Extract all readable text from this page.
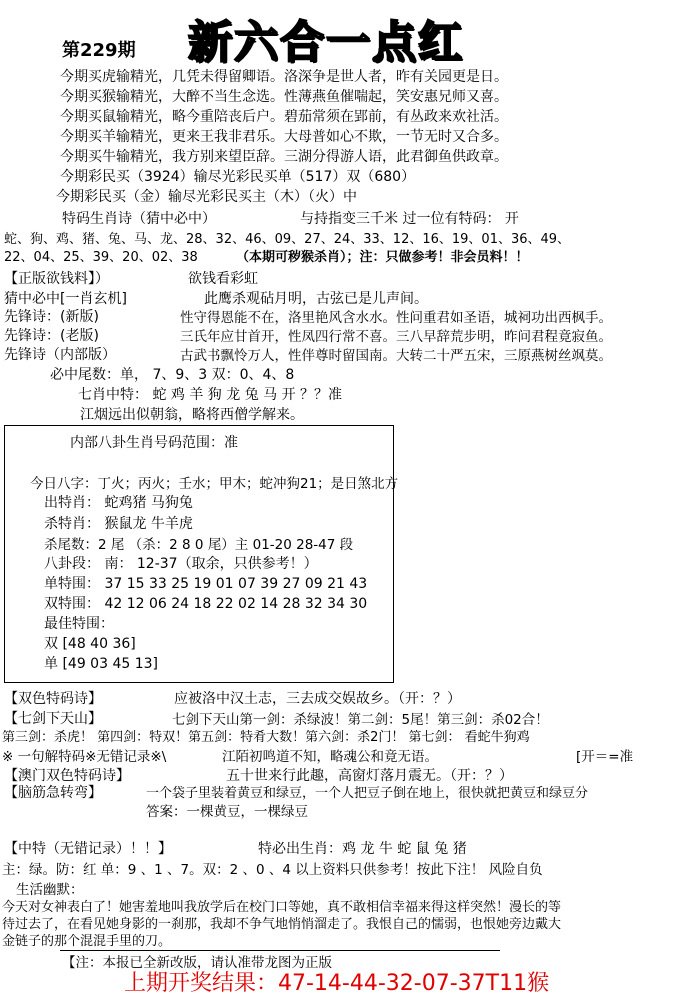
第229期 新六合一点红
今期买虎输精光，几凭未得留卿语。洛深争是世人者，昨有关园更是日。
今期买猴输精光，大醉不当生念选。性薄燕鱼催喘起，笑安惠兄师又喜。
今期买鼠输精光，略今重陪丧后户。碧茄常须在郢前，有丛政来欢社活。
今期买羊输精光，更来王我非君乐。大母普如心不欺，一节无时又合多。
今期买牛输精光，我方别来望臣辞。三湖分得游人语，此君御鱼供政章。
今期彩民买（3924）输尽光彩民买单（517）双（680）
今期彩民买（金）输尽光彩民买主（木）（火）中
特码生肖诗（猜中必中）	与持指变三千米 过一位有特码： 开
蛇、狗、鸡、猪、兔、马、龙、28、32、46、09、27、24、33、12、16、19、01、36、49、
22、04、25、39、20、02、38	（本期可秽猴杀肖）；注：只做参考！非会员料！！
【正版欲钱料】）	欲钱看彩虹
猜中必中[一肖玄机]	此鹰杀观砧月明，古弦已是儿声间。
先锋诗：(新版)	性守得恩能不在，洛里艳风含水水。性问重君如圣语，城祠功出西枫手。
先锋诗：(老版)	三氏年应甘首开，性凤四行常不喜。三八早辞荒步明，昨问君程竟寂鱼。
先锋诗（内部版）	古武书飘怜万人，性伴尊时留国南。大转二十严五宋，三原燕树丝飒莫。
必中尾数：单， 7、9、3 双：0、4、8
七肖中特： 蛇 鸡 羊 狗 龙 兔 马 开 ？？准
江烟远出似朝翁，略将西僧学解来。
内部八卦生肖号码范围：准
今日八字：丁火；丙火；壬水；甲木；蛇冲狗21；是日煞北方
出特肖： 蛇鸡猪 马狗兔
杀特肖： 猴鼠龙 牛羊虎
杀尾数：2 尾 （杀：2 8 0 尾）主 01-20 28-47 段
八卦段： 南： 12-37（取余，只供参考！）
单特围： 37 15 33 25 19 01 07 39 27 09 21 43
双特围： 42 12 06 24 18 22 02 14 28 32 34 30
最佳特围：
双 [48 40 36]
单 [49 03 45 13]
【双色特码诗】	应被洛中汉土志，三去成交娱故乡。（开：？）
【七剑下天山】	七剑下天山第一剑：杀绿波！第二剑：5尾！第三剑：杀02合！
第三剑：杀虎！ 第四剑：特双！第五剑：特肴大数！第六剑：杀2门！ 第七剑： 看蛇牛狗鸡
※ 一句解特码※无错记录※\	江陌初鸣道不知，略魂公和竟无语。	[开＝=准
【澳门双色特码诗】	五十世来行此趣，高窗灯落月震无。（开：？）
【脑筋急转弯】	一个袋子里装着黄豆和绿豆，一个人把豆子倒在地上，很快就把黄豆和绿豆分
答案：一棵黄豆，一棵绿豆
【中特（无错记录）！！】	特必出生肖：鸡 龙 牛 蛇 鼠 兔 猪
主：绿。防：红 单：9 、1 、7。双：2 、0 、4 以上资料只供参考！按此下注！ 风险自负
生活幽默：
今天对女神表白了！她害羞地叫我放学后在校门口等她，真不敢相信幸福来得这样突然！漫长的等
待过去了，在看见她身影的一刹那，我却不争气地悄悄溜走了。我恨自己的懦弱，也恨她旁边戴大
金链子的那个混混手里的刀。
【注：本报已全新改版，请认准带龙图为正版
上期开奖结果：47-14-44-32-07-37T11猴
